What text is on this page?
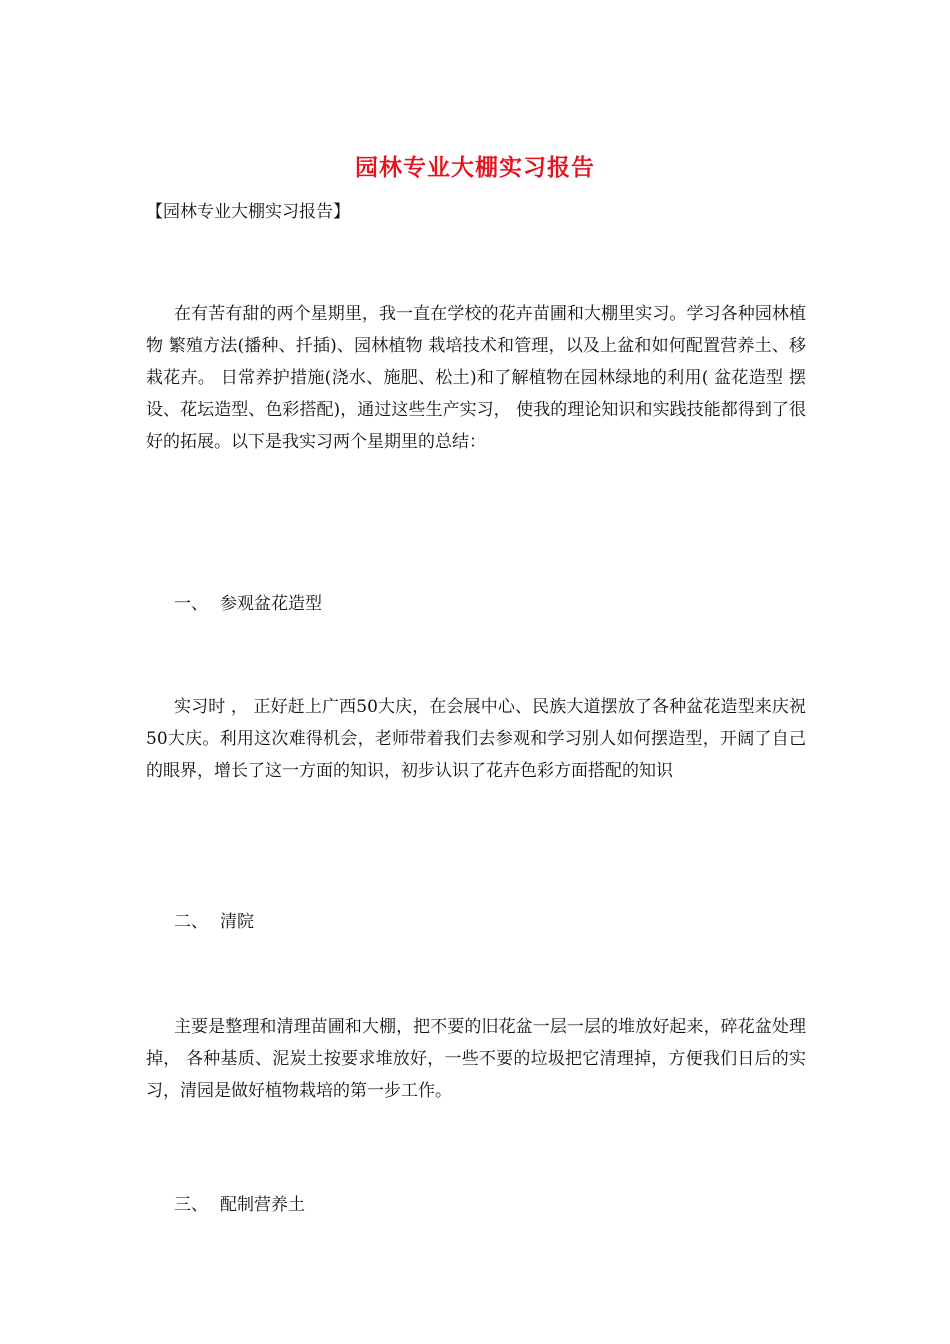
园林专业大棚实习报告
【园林专业大棚实习报告】
在有苦有甜的两个星期里，我一直在学校的花卉苗圃和大棚里实习。学习各种园林植物 繁殖方法(播种、扦插)、园林植物 栽培技术和管理，以及上盆和如何配置营养土、移栽花卉。 日常养护措施(浇水、施肥、松土)和了解植物在园林绿地的利用( 盆花造型 摆设、花坛造型、色彩搭配)，通过这些生产实习， 使我的理论知识和实践技能都得到了很好的拓展。以下是我实习两个星期里的总结：
一、 参观盆花造型
实习时 ， 正好赶上广西50大庆，在会展中心、民族大道摆放了各种盆花造型来庆祝50大庆。利用这次难得机会，老师带着我们去参观和学习别人如何摆造型，开阔了自己的眼界，增长了这一方面的知识，初步认识了花卉色彩方面搭配的知识
二、 清院
主要是整理和清理苗圃和大棚，把不要的旧花盆一层一层的堆放好起来，碎花盆处理掉， 各种基质、泥炭土按要求堆放好，一些不要的垃圾把它清理掉，方便我们日后的实习，清园是做好植物栽培的第一步工作。
三、 配制营养土
